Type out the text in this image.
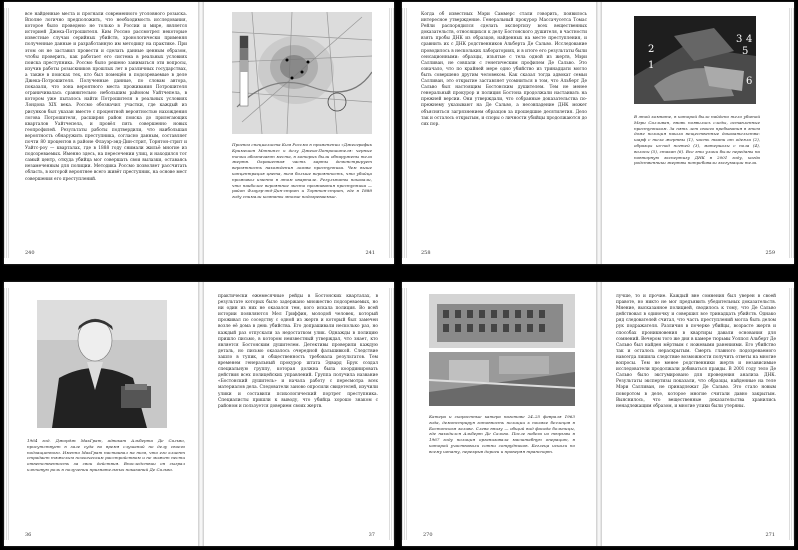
все найденные места и прогнали современного уголовного розыска. Вполне логично предположить, что необходимость исследования, которое было проведено не только в России и мире, является историей Джека-Потрошителя. Ким Россмо рассмотрел некоторые известные случаи серийных убийств, хронологически применяя полученные данные и разработанную им методику на практике. При этом он не заставил провести и сделать данные ценным образом, чтобы проверить, как работает его система в реальных условиях поиска преступника. Россмо было решено заниматься эти вопросы, изучив работы розыскников прошлых лет в различных государствах, а также в поисках тех, кто был помещён в подозреваемые в деле Джека-Потрошителя. Полученные данные, по словам автора, показали, что зона вероятного места проживания Потрошителя ограничивалась сравнительно небольшим районом Уайтчепела, в котором уже пыталось найти Потрошителя в реальных условиях Лондона XIX века. Россмо обозначил участки, где каждый из рисунков был указан вместе с процентной вероятностью нахождения логова Потрошителя, расширяя район поиска до прилегающих кварталов Уайтчепела, и провёл пять совершенно новых геопрофилей. Результаты работы подтвердили, что наибольшая вероятность обнаружить преступника, согласно данным, составляет почти 80 процентов в районе Флауэр-энд-Дин-стрит, Торнтон-стрит и Уайтс-роу — кварталах, где в 1888 году снимали жильё многие из подозреваемых. Именно здесь, на пересечении улиц, и находился тот самый центр, откуда убийца мог совершать свои вылазки, оставаясь незамеченным для полиции. Методика Россмо позволяет рассчитать область, в которой вероятнее всего живёт преступник, на основе мест совершения его преступлений.
240
Прогноз специалиста Ким Россмо в применении «Джеографик Кримешон Мэппинг» к делу Джека-Потрошителя: черные точки обозначают места, в которых были обнаружены тела жертв. Окрашенная часть карты демонстрирует вероятность нахождения логова преступника. Чем выше концентрация цвета, тем больше вероятность, что убийца проживал именно в этом квартале. Результаты показали, что наиболее вероятное место проживания преступника — район Флауэр-энд-Дин-стрит и Торнтон-стрит, где в 1888 году снимали комнаты многие подозреваемые.
241
Когда об известных Мэри Саммерс стали говорить, появилось интересное утверждение. Генеральный прокурор Массачусетса Томас Рейли распорядился сделать экспертизу всех вещественных доказательств, относящихся к делу Бостонского душителя, в частности взять пробы ДНК из образцов, найденных на месте преступления, и сравнить их с ДНК родственников Альберта Де Сальво. Исследование проводилось в нескольких лабораториях, и в итоге его результаты были сенсационными: образцы, изъятые с тела одной из жертв, Мэри Салливан, не совпали с генетическим профилем Де Сальво. Это означало, что по крайней мере одно убийство из тринадцати могло быть совершено другим человеком. Как сказал тогда адвокат семьи Салливан, это открытие заставляет усомниться в том, что Альберт Де Сальво был настоящим Бостонским душителем. Тем не менее генеральный прокурор и полиция Бостона продолжали настаивать на прежней версии. Они утверждали, что собранные доказательства по-прежнему указывают на Де Сальво, а несовпадение ДНК может объясняться загрязнением образцов за прошедшие десятилетия. Дело так и осталось открытым, и споры о личности убийцы продолжаются до сих пор.
258
1
2
3 4
5
6
В этой комнате, в которой было найдено тело убитой Мэри Салливан, вновь появились следы, оставленные преступником. За пять лет своего пребывания в этом доме полиция нашла вещественные доказательства: шарф с тела жертвы (1), часть ткани от одеяла (2), образцы из-под ногтей (3), материалы с пола (4), волосы (5), стакан (6). Все эти улики были переданы на повторную экспертизу ДНК в 2001 году, когда родственники жертвы потребовали эксгумации тела.
259
1964 год. Джордж МакГрат, адвокат Альберта Де Сальво, присутствует в зале суда во время слушаний по делу своего подзащитного. Именно МакГрат настаивал на том, что его клиент страдает тяжелым психическим расстройством и не может нести ответственность за свои действия. Впоследствии он сыграл ключевую роль в получении признательных показаний Де Сальво.
36
практически ежемесячные рейды в Бостонских кварталах, в результате которых было задержано множество подозреваемых, но ни один из них не оказался тем, кого искала полиция. Во всей истории появляются Мел Гриффин, молодой человек, который проживал по соседству с одной из жертв и который был замечен возле её дома в день убийства. Его допрашивали несколько раз, но каждый раз отпускали за недостатком улик. Однажды в полицию пришло письмо, в котором неизвестный утверждал, что знает, кто является Бостонским душителем. Детективы проверили каждую деталь, но письмо оказалось очередной фальшивкой. Следствие зашло в тупик, и общественность требовала результатов. Тем временем генеральный прокурор штата Эдвард Брук создал специальную группу, которая должна была координировать действия всех полицейских управлений. Группа получила название «Бостонский душитель» и начала работу с пересмотра всех материалов дела. Следователи заново опросили свидетелей, изучили улики и составили психологический портрет преступника. Специалисты пришли к выводу, что убийца хорошо знаком с районом и пользуется доверием своих жертв.
37
Катера и скоростные катера наготове 24–25 февраля 1963 года, демонстрируя готовность полиции к поимке беглецов в Бостонском заливе. Слева внизу — общий вид фасада больницы, где находился Альберт Де Сальво. После побега из тюрьмы в 1967 году полиция организовала масштабную операцию, в которой участвовали сотни сотрудников. Беглеца искали по всему штату, перекрыв дороги и проверяя транспорт.
270
лучше, то и прочие. Каждый вне сомнения был уверен в своей правоте, но никто не мог предъявить убедительных доказательств. Мнение, высказанное полицией, сводилось к тому, что Де Сальво действовал в одиночку и совершил все тринадцать убийств. Однако ряд следователей считал, что часть преступлений могла быть делом рук подражателя. Различия в почерке убийцы, возрасте жертв и способах проникновения в квартиры давали основания для сомнений. Вечером того же дня в камере тюрьмы Уолпол Альберт Де Сальво был найден мёртвым с ножевыми ранениями. Его убийство так и осталось нераскрытым. Смерть главного подозреваемого навсегда лишила следствие возможности получить ответы на многие вопросы. Тем не менее родственники жертв и независимые исследователи продолжали добиваться правды. В 2001 году тело Де Сальво было эксгумировано для проведения анализа ДНК. Результаты экспертизы показали, что образцы, найденные на теле Мэри Салливан, не принадлежат Де Сальво. Это стало новым поворотом в деле, которое многие считали давно закрытым. Выяснилось, что вещественные доказательства хранились ненадлежащим образом, и многие улики были утеряны.
271
